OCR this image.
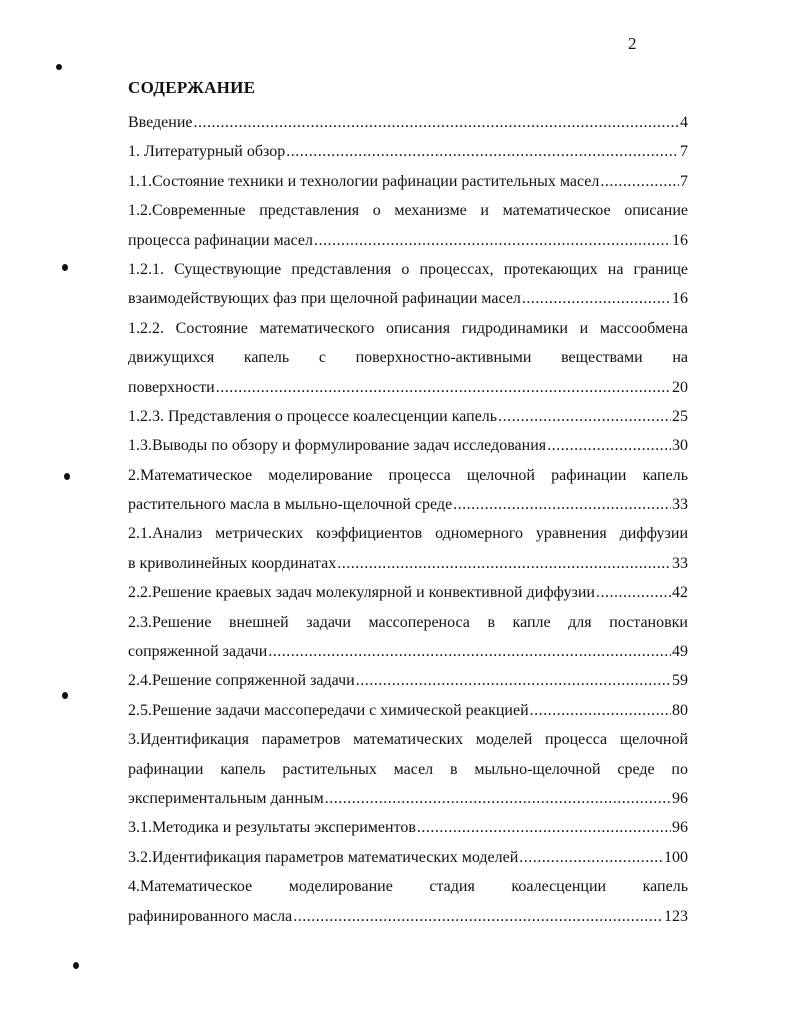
2
СОДЕРЖАНИЕ
Введение .....	4
1. Литературный обзор .....	7
1.1.Состояние техники и технологии рафинации растительных масел .....	7
1.2.Современные представления о механизме и математическое описание
процесса рафинации масел .....	16
1.2.1. Существующие представления о процессах, протекающих на границе
взаимодействующих фаз при щелочной рафинации масел .....	16
1.2.2. Состояние математического описания гидродинамики и массообмена
движущихся капель с поверхностно-активными веществами на
поверхности .....	20
1.2.3. Представления о процессе коалесценции капель .....	25
1.3.Выводы по обзору и формулирование задач исследования .....	30
2.Математическое моделирование процесса щелочной рафинации капель
растительного масла в мыльно-щелочной среде .....	33
2.1.Анализ метрических коэффициентов одномерного уравнения диффузии
в криволинейных координатах .....	33
2.2.Решение краевых задач молекулярной и конвективной диффузии .....	42
2.3.Решение внешней задачи массопереноса в капле для постановки
сопряженной задачи .....	49
2.4.Решение сопряженной задачи .....	59
2.5.Решение задачи массопередачи с химической реакцией .....	80
3.Идентификация параметров математических моделей процесса щелочной
рафинации капель растительных масел в мыльно-щелочной среде по
экспериментальным данным .....	96
3.1.Методика и результаты экспериментов .....	96
3.2.Идентификация параметров математических моделей .....	100
4.Математическое моделирование стадия коалесценции капель
рафинированного масла .....	123
